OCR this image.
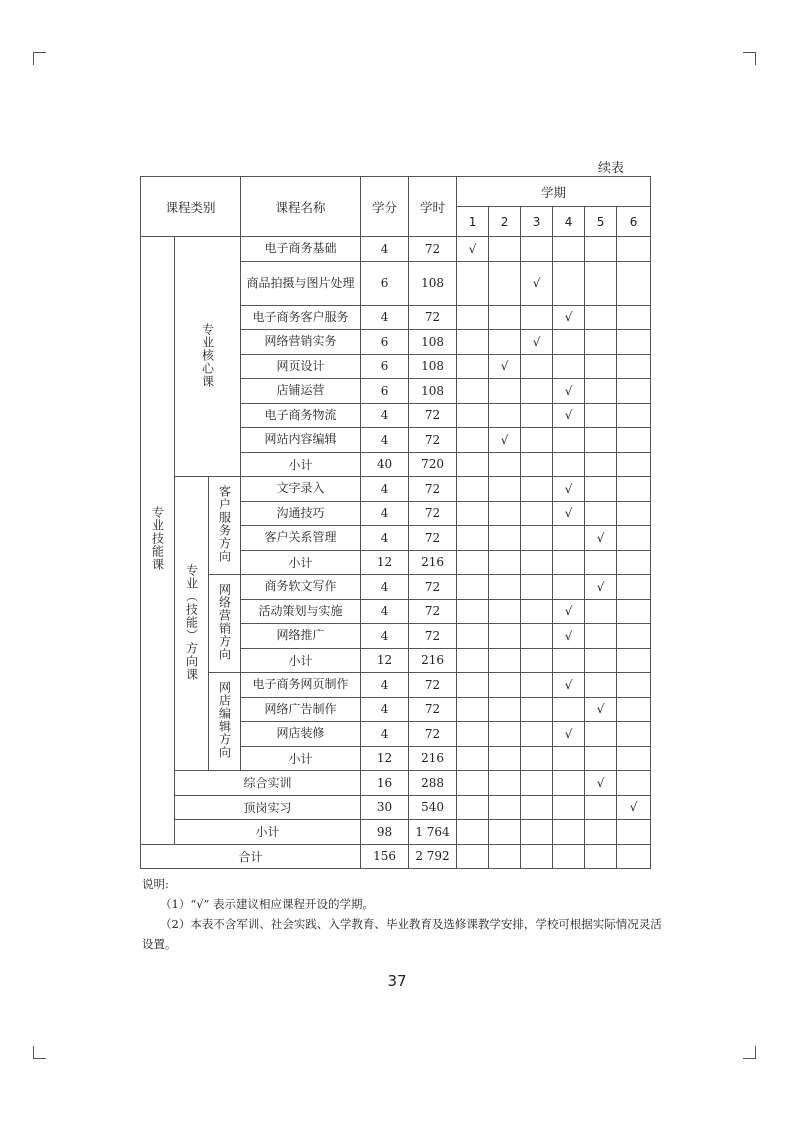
续表
课程类别			课程名称	学分	学时	学期					
						1	2	3	4	5	6
专业技能课	专业核心课		电子商务基础	4	72	√					
			商品拍摄与图片处理	6	108			√			
			电子商务客户服务	4	72				√		
			网络营销实务	6	108			√			
			网页设计	6	108		√				
			店铺运营	6	108				√		
			电子商务物流	4	72				√		
			网站内容编辑	4	72		√				
			小计	40	720						
	专业（技能）方向课	客户服务方向	文字录入	4	72				√		
			沟通技巧	4	72				√		
			客户关系管理	4	72					√	
			小计	12	216						
		网络营销方向	商务软文写作	4	72					√	
			活动策划与实施	4	72				√		
			网络推广	4	72				√		
			小计	12	216						
		网店编辑方向	电子商务网页制作	4	72				√		
			网络广告制作	4	72					√	
			网店装修	4	72				√		
			小计	12	216						
	综合实训			16	288					√	
	顶岗实习			30	540						√
	小计			98	1 764						
合计				156	2 792						
说明:
（1）“√” 表示建议相应课程开设的学期。
（2）本表不含军训、社会实践、入学教育、毕业教育及选修课教学安排，学校可根据实际情况灵活设置。
37
